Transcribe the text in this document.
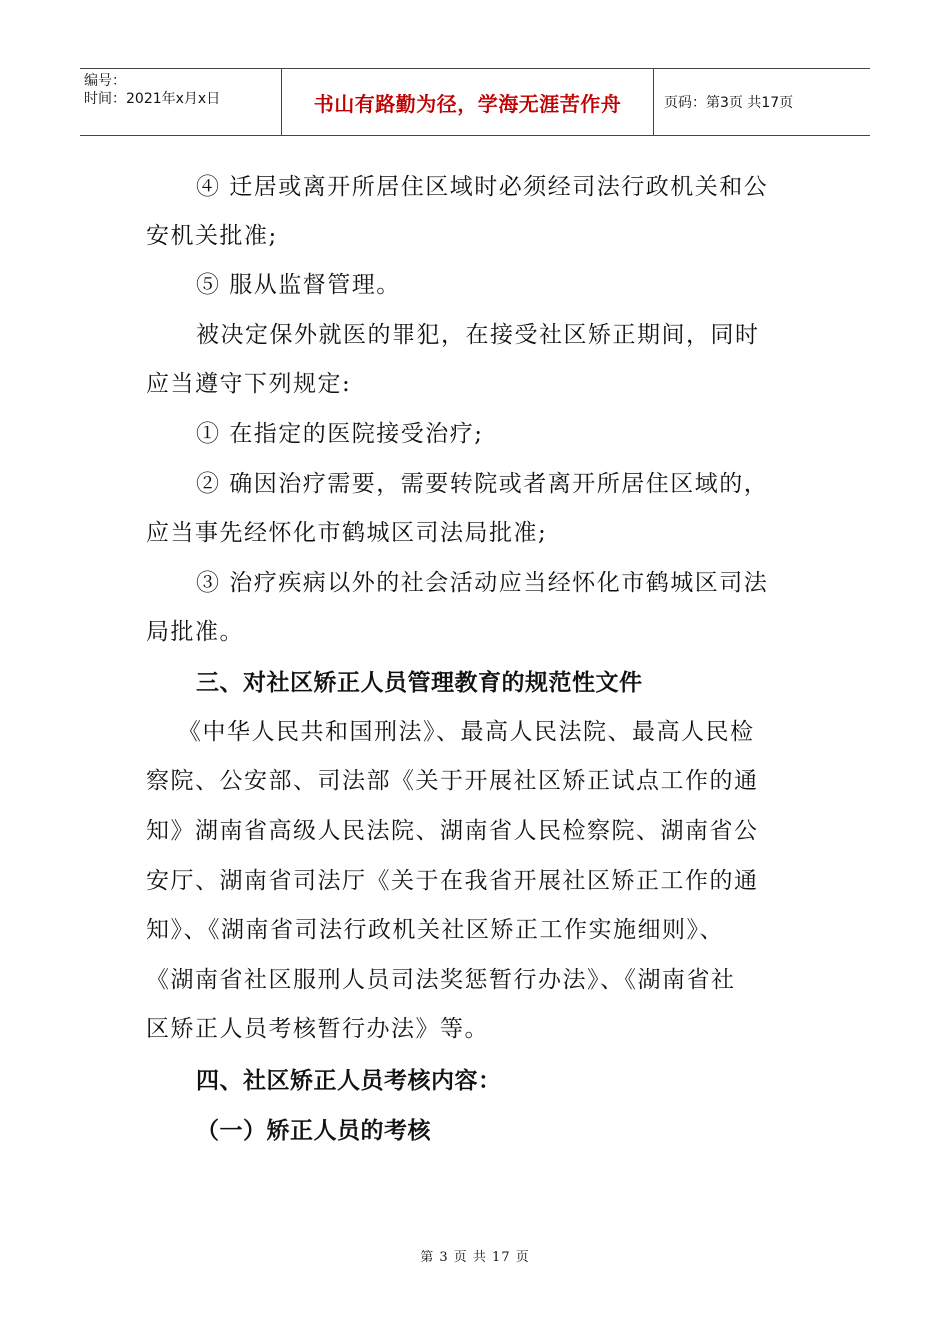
编号：
时间：2021年x月x日	书山有路勤为径，学海无涯苦作舟	页码：第3页 共17页
④ 迁居或离开所居住区域时必须经司法行政机关和公
安机关批准;
⑤ 服从监督管理。
被决定保外就医的罪犯，在接受社区矫正期间，同时
应当遵守下列规定:
① 在指定的医院接受治疗;
② 确因治疗需要，需要转院或者离开所居住区域的，
应当事先经怀化市鹤城区司法局批准;
③ 治疗疾病以外的社会活动应当经怀化市鹤城区司法
局批准。
三、对社区矫正人员管理教育的规范性文件
《中华人民共和国刑法》、最高人民法院、最高人民检
察院、公安部、司法部《关于开展社区矫正试点工作的通
知》湖南省高级人民法院、湖南省人民检察院、湖南省公
安厅、湖南省司法厅《关于在我省开展社区矫正工作的通
知》、《湖南省司法行政机关社区矫正工作实施细则》、
《湖南省社区服刑人员司法奖惩暂行办法》、《湖南省社
区矫正人员考核暂行办法》等。
四、社区矫正人员考核内容：
（一）矫正人员的考核
第 3 页 共 17 页
